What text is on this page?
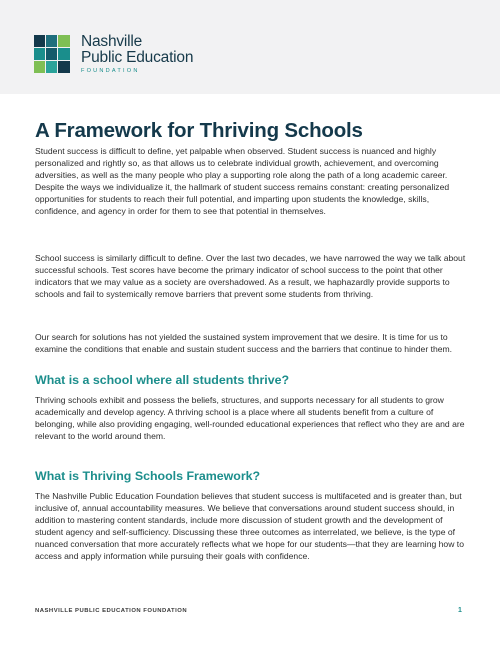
Nashville
Public Education
FOUNDATION
A Framework for Thriving Schools

Student success is difficult to define, yet palpable when observed. Student success is nuanced and highly personalized and rightly so, as that allows us to celebrate individual growth, achievement, and overcoming adversities, as well as the many people who play a supporting role along the path of a long academic career. Despite the ways we individualize it, the hallmark of student success remains constant: creating personalized opportunities for students to reach their full potential, and imparting upon students the knowledge, skills, confidence, and agency in order for them to see that potential in themselves.

School success is similarly difficult to define. Over the last two decades, we have narrowed the way we talk about successful schools. Test scores have become the primary indicator of school success to the point that other indicators that we may value as a society are overshadowed. As a result, we haphazardly provide supports to schools and fail to systemically remove barriers that prevent some students from thriving.

Our search for solutions has not yielded the sustained system improvement that we desire. It is time for us to examine the conditions that enable and sustain student success and the barriers that continue to hinder them.

What is a school where all students thrive?

Thriving schools exhibit and possess the beliefs, structures, and supports necessary for all students to grow academically and develop agency. A thriving school is a place where all students benefit from a culture of belonging, while also providing engaging, well-rounded educational experiences that reflect who they are and are relevant to the world around them.

What is Thriving Schools Framework?

The Nashville Public Education Foundation believes that student success is multifaceted and is greater than, but inclusive of, annual accountability measures. We believe that conversations around student success should, in addition to mastering content standards, include more discussion of student growth and the development of student agency and self-sufficiency. Discussing these three outcomes as interrelated, we believe, is the type of nuanced conversation that more accurately reflects what we hope for our students—that they are learning how to access and apply information while pursuing their goals with confidence.

NASHVILLE PUBLIC EDUCATION FOUNDATION	1
